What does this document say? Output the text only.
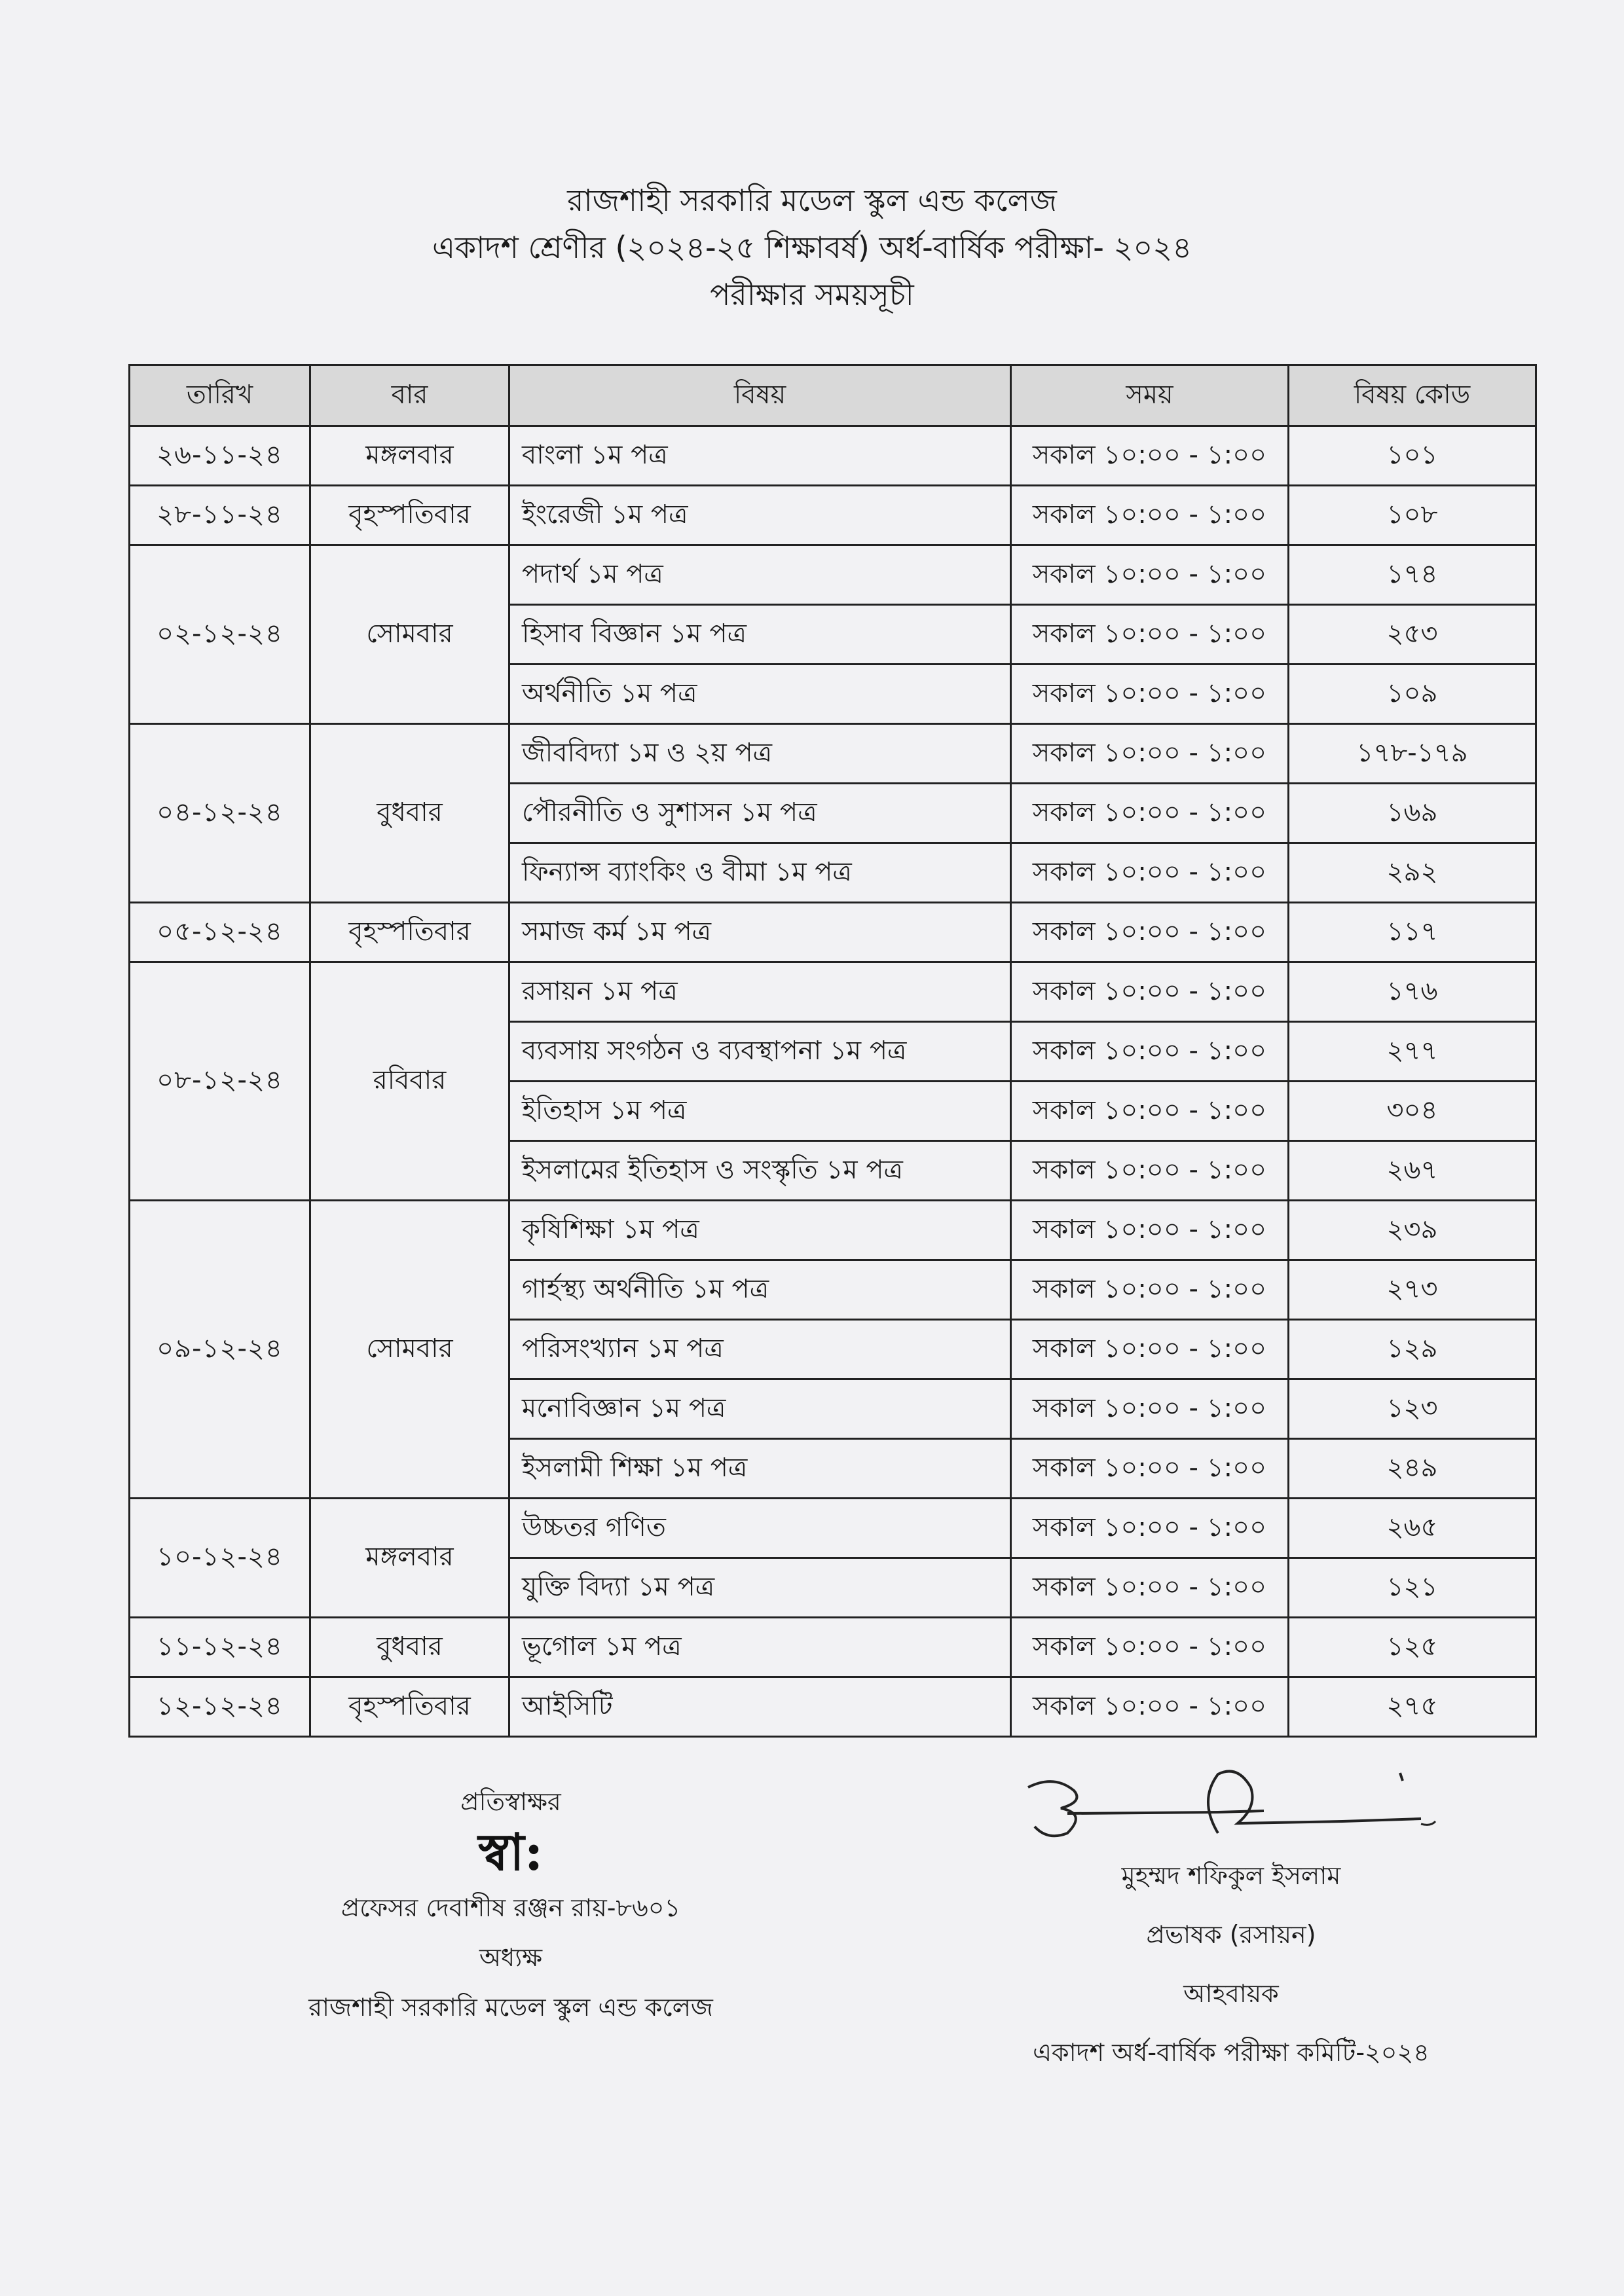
রাজশাহী সরকারি মডেল স্কুল এন্ড কলেজ
একাদশ শ্রেণীর (২০২৪-২৫ শিক্ষাবর্ষ) অর্ধ-বার্ষিক পরীক্ষা- ২০২৪
পরীক্ষার সময়সূচী
তারিখ	বার	বিষয়	সময়	বিষয় কোড
২৬-১১-২৪	মঙ্গলবার	বাংলা ১ম পত্র	সকাল ১০:০০ - ১:০০	১০১
২৮-১১-২৪	বৃহস্পতিবার	ইংরেজী ১ম পত্র	সকাল ১০:০০ - ১:০০	১০৮
০২-১২-২৪	সোমবার	পদার্থ ১ম পত্র	সকাল ১০:০০ - ১:০০	১৭৪
		হিসাব বিজ্ঞান ১ম পত্র	সকাল ১০:০০ - ১:০০	২৫৩
		অর্থনীতি ১ম পত্র	সকাল ১০:০০ - ১:০০	১০৯
০৪-১২-২৪	বুধবার	জীববিদ্যা ১ম ও ২য় পত্র	সকাল ১০:০০ - ১:০০	১৭৮-১৭৯
		পৌরনীতি ও সুশাসন ১ম পত্র	সকাল ১০:০০ - ১:০০	১৬৯
		ফিন্যান্স ব্যাংকিং ও বীমা ১ম পত্র	সকাল ১০:০০ - ১:০০	২৯২
০৫-১২-২৪	বৃহস্পতিবার	সমাজ কর্ম ১ম পত্র	সকাল ১০:০০ - ১:০০	১১৭
০৮-১২-২৪	রবিবার	রসায়ন ১ম পত্র	সকাল ১০:০০ - ১:০০	১৭৬
		ব্যবসায় সংগঠন ও ব্যবস্থাপনা ১ম পত্র	সকাল ১০:০০ - ১:০০	২৭৭
		ইতিহাস ১ম পত্র	সকাল ১০:০০ - ১:০০	৩০৪
		ইসলামের ইতিহাস ও সংস্কৃতি ১ম পত্র	সকাল ১০:০০ - ১:০০	২৬৭
০৯-১২-২৪	সোমবার	কৃষিশিক্ষা ১ম পত্র	সকাল ১০:০০ - ১:০০	২৩৯
		গার্হস্থ্য অর্থনীতি ১ম পত্র	সকাল ১০:০০ - ১:০০	২৭৩
		পরিসংখ্যান ১ম পত্র	সকাল ১০:০০ - ১:০০	১২৯
		মনোবিজ্ঞান ১ম পত্র	সকাল ১০:০০ - ১:০০	১২৩
		ইসলামী শিক্ষা ১ম পত্র	সকাল ১০:০০ - ১:০০	২৪৯
১০-১২-২৪	মঙ্গলবার	উচ্চতর গণিত	সকাল ১০:০০ - ১:০০	২৬৫
		যুক্তি বিদ্যা ১ম পত্র	সকাল ১০:০০ - ১:০০	১২১
১১-১২-২৪	বুধবার	ভূগোল ১ম পত্র	সকাল ১০:০০ - ১:০০	১২৫
১২-১২-২৪	বৃহস্পতিবার	আইসিটি	সকাল ১০:০০ - ১:০০	২৭৫
প্রতিস্বাক্ষর
স্বা:
প্রফেসর দেবাশীষ রঞ্জন রায়-৮৬০১
অধ্যক্ষ
রাজশাহী সরকারি মডেল স্কুল এন্ড কলেজ
মুহম্মদ শফিকুল ইসলাম
প্রভাষক (রসায়ন)
আহবায়ক
একাদশ অর্ধ-বার্ষিক পরীক্ষা কমিটি-২০২৪
